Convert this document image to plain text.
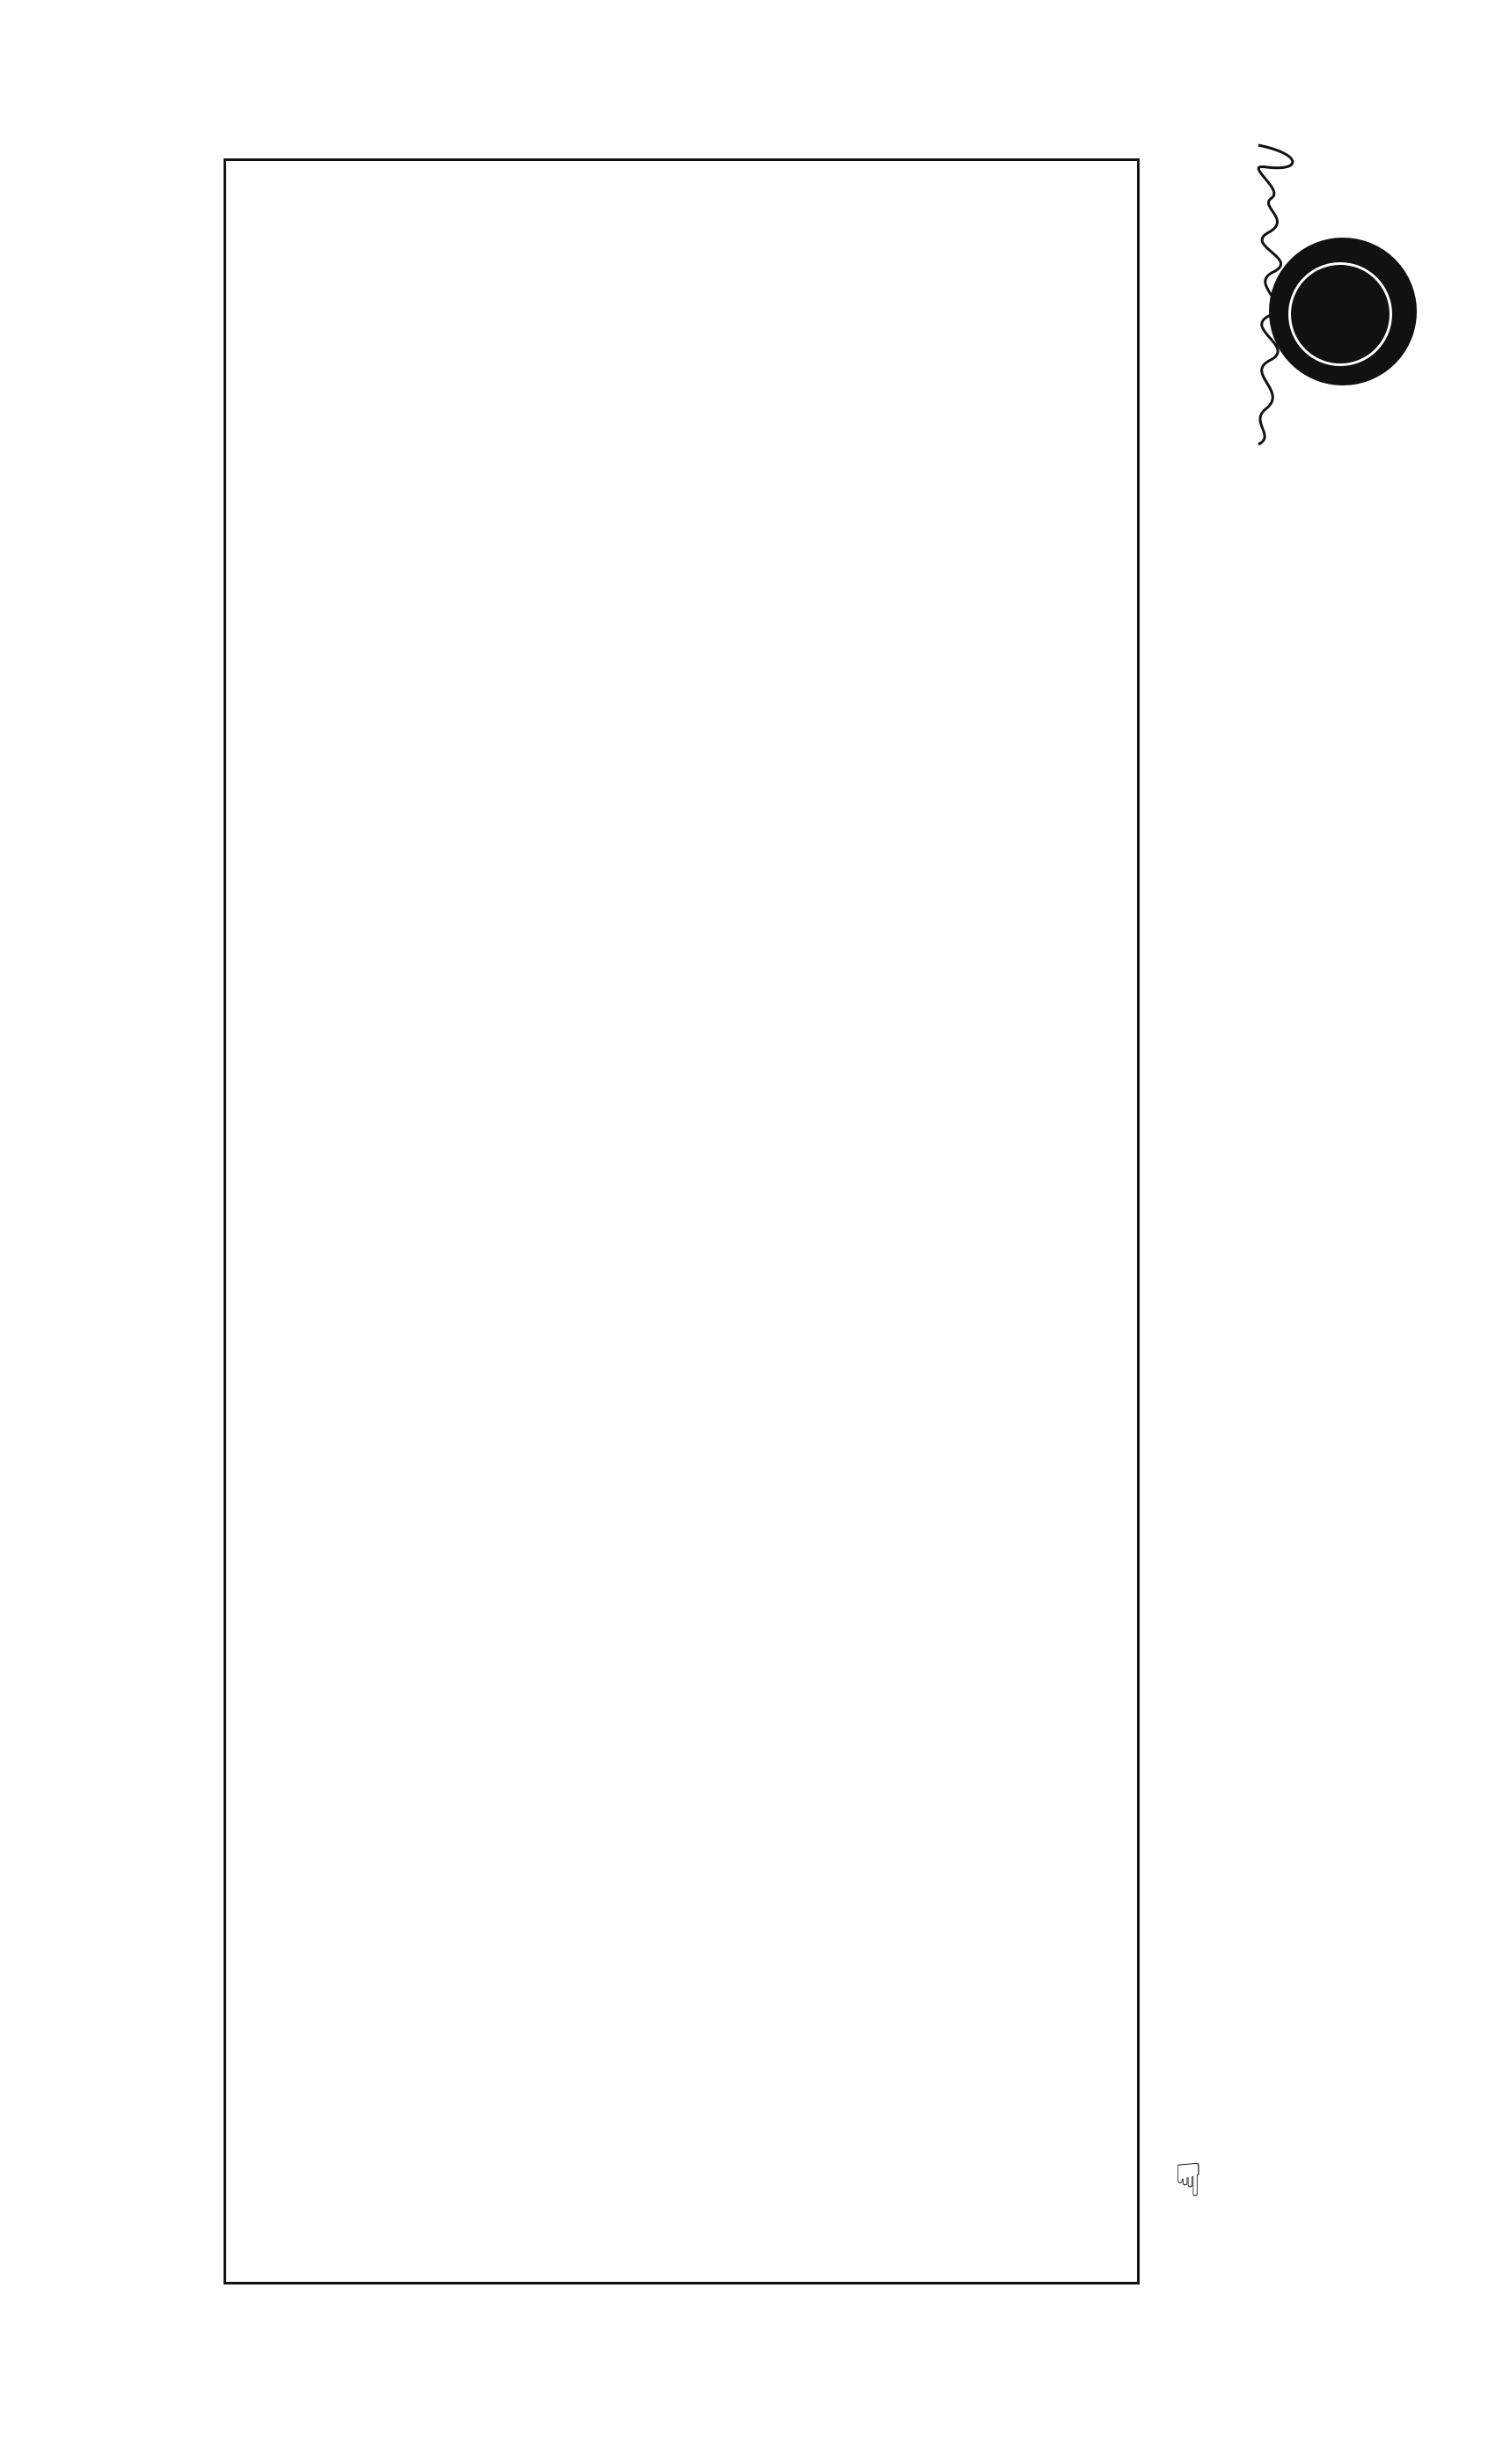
☞
